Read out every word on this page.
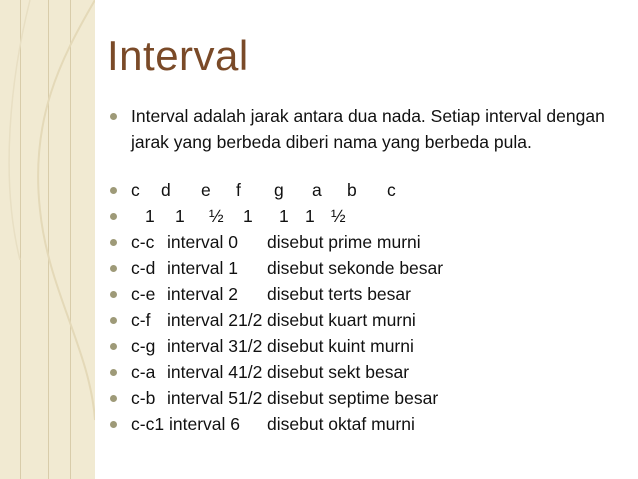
Interval
Interval adalah jarak antara dua nada. Setiap interval dengan jarak yang berbeda diberi nama yang berbeda pula.
c d e f g a b c
1 1 ½ 1 1 1 ½
c-c interval 0 disebut prime murni
c-d interval 1 disebut sekonde besar
c-e interval 2 disebut terts besar
c-f interval 21/2 disebut kuart murni
c-g interval 31/2 disebut kuint murni
c-a interval 41/2 disebut sekt besar
c-b interval 51/2 disebut septime besar
c-c1 interval 6 disebut oktaf murni
